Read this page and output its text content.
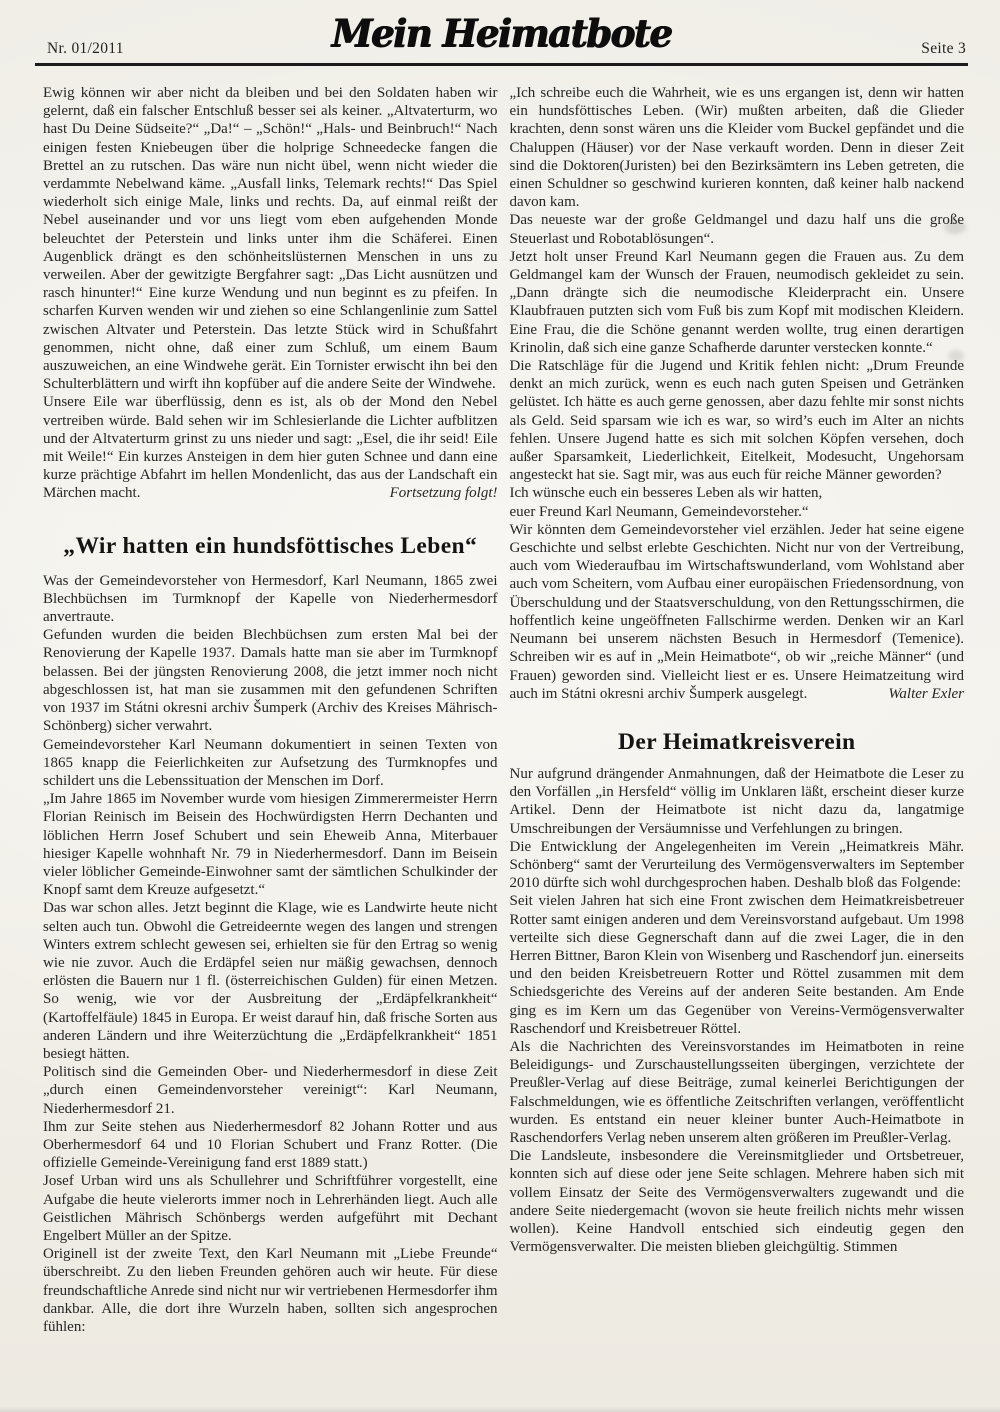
Nr. 01/2011	Mein Heimatbote	Seite 3

Ewig können wir aber nicht da bleiben und bei den Soldaten haben wir gelernt, daß ein falscher Entschluß besser sei als keiner. „Altvaterturm, wo hast Du Deine Südseite?“ „Da!“ – „Schön!“ „Hals- und Beinbruch!“ Nach einigen festen Kniebeugen über die holprige Schneedecke fangen die Brettel an zu rutschen. Das wäre nun nicht übel, wenn nicht wieder die verdammte Nebelwand käme. „Ausfall links, Telemark rechts!“ Das Spiel wiederholt sich einige Male, links und rechts. Da, auf einmal reißt der Nebel auseinander und vor uns liegt vom eben aufgehenden Monde beleuchtet der Peterstein und links unter ihm die Schäferei. Einen Augenblick drängt es den schönheitslüsternen Menschen in uns zu verweilen. Aber der gewitzigte Bergfahrer sagt: „Das Licht ausnützen und rasch hinunter!“ Eine kurze Wendung und nun beginnt es zu pfeifen. In scharfen Kurven wenden wir und ziehen so eine Schlangenlinie zum Sattel zwischen Altvater und Peterstein. Das letzte Stück wird in Schußfahrt genommen, nicht ohne, daß einer zum Schluß, um einem Baum auszuweichen, an eine Windwehe gerät. Ein Tornister erwischt ihn bei den Schulterblättern und wirft ihn kopfüber auf die andere Seite der Windwehe.

Unsere Eile war überflüssig, denn es ist, als ob der Mond den Nebel vertreiben würde. Bald sehen wir im Schlesierlande die Lichter aufblitzen und der Altvaterturm grinst zu uns nieder und sagt: „Esel, die ihr seid! Eile mit Weile!“ Ein kurzes Ansteigen in dem hier guten Schnee und dann eine kurze prächtige Abfahrt im hellen Mondenlicht, das aus der Landschaft ein Märchen macht.	Fortsetzung folgt!

„Wir hatten ein hundsföttisches Leben“

Was der Gemeindevorsteher von Hermesdorf, Karl Neumann, 1865 zwei Blechbüchsen im Turmknopf der Kapelle von Niederhermesdorf anvertraute.

Gefunden wurden die beiden Blechbüchsen zum ersten Mal bei der Renovierung der Kapelle 1937. Damals hatte man sie aber im Turmknopf belassen. Bei der jüngsten Renovierung 2008, die jetzt immer noch nicht abgeschlossen ist, hat man sie zusammen mit den gefundenen Schriften von 1937 im Státni okresni archiv Šumperk (Archiv des Kreises Mährisch-Schönberg) sicher verwahrt.

Gemeindevorsteher Karl Neumann dokumentiert in seinen Texten von 1865 knapp die Feierlichkeiten zur Aufsetzung des Turmknopfes und schildert uns die Lebenssituation der Menschen im Dorf.

„Im Jahre 1865 im November wurde vom hiesigen Zimmerermeister Herrn Florian Reinisch im Beisein des Hochwürdigsten Herrn Dechanten und löblichen Herrn Josef Schubert und sein Eheweib Anna, Miterbauer hiesiger Kapelle wohnhaft Nr. 79 in Niederhermesdorf. Dann im Beisein vieler löblicher Gemeinde-Einwohner samt der sämtlichen Schulkinder der Knopf samt dem Kreuze aufgesetzt.“

Das war schon alles. Jetzt beginnt die Klage, wie es Landwirte heute nicht selten auch tun. Obwohl die Getreideernte wegen des langen und strengen Winters extrem schlecht gewesen sei, erhielten sie für den Ertrag so wenig wie nie zuvor. Auch die Erdäpfel seien nur mäßig gewachsen, dennoch erlösten die Bauern nur 1 fl. (österreichischen Gulden) für einen Metzen. So wenig, wie vor der Ausbreitung der „Erdäpfelkrankheit“ (Kartoffelfäule) 1845 in Europa. Er weist darauf hin, daß frische Sorten aus anderen Ländern und ihre Weiterzüchtung die „Erdäpfelkrankheit“ 1851 besiegt hätten.

Politisch sind die Gemeinden Ober- und Niederhermesdorf in diese Zeit „durch einen Gemeindenvorsteher vereinigt“: Karl Neumann, Niederhermesdorf 21.

Ihm zur Seite stehen aus Niederhermesdorf 82 Johann Rotter und aus Oberhermesdorf 64 und 10 Florian Schubert und Franz Rotter. (Die offizielle Gemeinde-Vereinigung fand erst 1889 statt.)

Josef Urban wird uns als Schullehrer und Schriftführer vorgestellt, eine Aufgabe die heute vielerorts immer noch in Lehrerhänden liegt. Auch alle Geistlichen Mährisch Schönbergs werden aufgeführt mit Dechant Engelbert Müller an der Spitze.

Originell ist der zweite Text, den Karl Neumann mit „Liebe Freunde“ überschreibt. Zu den lieben Freunden gehören auch wir heute. Für diese freundschaftliche Anrede sind nicht nur wir vertriebenen Hermesdorfer ihm dankbar. Alle, die dort ihre Wurzeln haben, sollten sich angesprochen fühlen:

„Ich schreibe euch die Wahrheit, wie es uns ergangen ist, denn wir hatten ein hundsföttisches Leben. (Wir) mußten arbeiten, daß die Glieder krachten, denn sonst wären uns die Kleider vom Buckel gepfändet und die Chaluppen (Häuser) vor der Nase verkauft worden. Denn in dieser Zeit sind die Doktoren(Juristen) bei den Bezirksämtern ins Leben getreten, die einen Schuldner so geschwind kurieren konnten, daß keiner halb nackend davon kam.

Das neueste war der große Geldmangel und dazu half uns die große Steuerlast und Robotablösungen“.

Jetzt holt unser Freund Karl Neumann gegen die Frauen aus. Zu dem Geldmangel kam der Wunsch der Frauen, neumodisch gekleidet zu sein. „Dann drängte sich die neumodische Kleiderpracht ein. Unsere Klaubfrauen putzten sich vom Fuß bis zum Kopf mit modischen Kleidern. Eine Frau, die die Schöne genannt werden wollte, trug einen derartigen Krinolin, daß sich eine ganze Schafherde darunter verstecken konnte.“

Die Ratschläge für die Jugend und Kritik fehlen nicht: „Drum Freunde denkt an mich zurück, wenn es euch nach guten Speisen und Getränken gelüstet. Ich hätte es auch gerne genossen, aber dazu fehlte mir sonst nichts als Geld. Seid sparsam wie ich es war, so wird’s euch im Alter an nichts fehlen. Unsere Jugend hatte es sich mit solchen Köpfen versehen, doch außer Sparsamkeit, Liederlichkeit, Eitelkeit, Modesucht, Ungehorsam angesteckt hat sie. Sagt mir, was aus euch für reiche Männer geworden?

Ich wünsche euch ein besseres Leben als wir hatten,

euer Freund Karl Neumann, Gemeindevorsteher.“

Wir könnten dem Gemeindevorsteher viel erzählen. Jeder hat seine eigene Geschichte und selbst erlebte Geschichten. Nicht nur von der Vertreibung, auch vom Wiederaufbau im Wirtschaftswunderland, vom Wohlstand aber auch vom Scheitern, vom Aufbau einer europäischen Friedensordnung, von Überschuldung und der Staatsverschuldung, von den Rettungsschirmen, die hoffentlich keine ungeöffneten Fallschirme werden. Denken wir an Karl Neumann bei unserem nächsten Besuch in Hermesdorf (Temenice). Schreiben wir es auf in „Mein Heimatbote“, ob wir „reiche Männer“ (und Frauen) geworden sind. Vielleicht liest er es. Unsere Heimatzeitung wird auch im Státni okresni archiv Šumperk ausgelegt.	Walter Exler

Der Heimatkreisverein

Nur aufgrund drängender Anmahnungen, daß der Heimatbote die Leser zu den Vorfällen „in Hersfeld“ völlig im Unklaren läßt, erscheint dieser kurze Artikel. Denn der Heimatbote ist nicht dazu da, langatmige Umschreibungen der Versäumnisse und Verfehlungen zu bringen.

Die Entwicklung der Angelegenheiten im Verein „Heimatkreis Mähr. Schönberg“ samt der Verurteilung des Vermögensverwalters im September 2010 dürfte sich wohl durchgesprochen haben. Deshalb bloß das Folgende:

Seit vielen Jahren hat sich eine Front zwischen dem Heimatkreisbetreuer Rotter samt einigen anderen und dem Vereinsvorstand aufgebaut. Um 1998 verteilte sich diese Gegnerschaft dann auf die zwei Lager, die in den Herren Bittner, Baron Klein von Wisenberg und Raschendorf jun. einerseits und den beiden Kreisbetreuern Rotter und Röttel zusammen mit dem Schiedsgerichte des Vereins auf der anderen Seite bestanden. Am Ende ging es im Kern um das Gegenüber von Vereins-Vermögensverwalter Raschendorf und Kreisbetreuer Röttel.

Als die Nachrichten des Vereinsvorstandes im Heimatboten in reine Beleidigungs- und Zurschaustellungsseiten übergingen, verzichtete der Preußler-Verlag auf diese Beiträge, zumal keinerlei Berichtigungen der Falschmeldungen, wie es öffentliche Zeitschriften verlangen, veröffentlicht wurden. Es entstand ein neuer kleiner bunter Auch-Heimatbote in Raschendorfers Verlag neben unserem alten größeren im Preußler-Verlag.

Die Landsleute, insbesondere die Vereinsmitglieder und Ortsbetreuer, konnten sich auf diese oder jene Seite schlagen. Mehrere haben sich mit vollem Einsatz der Seite des Vermögensverwalters zugewandt und die andere Seite niedergemacht (wovon sie heute freilich nichts mehr wissen wollen). Keine Handvoll entschied sich eindeutig gegen den Vermögensverwalter. Die meisten blieben gleichgültig. Stimmen
